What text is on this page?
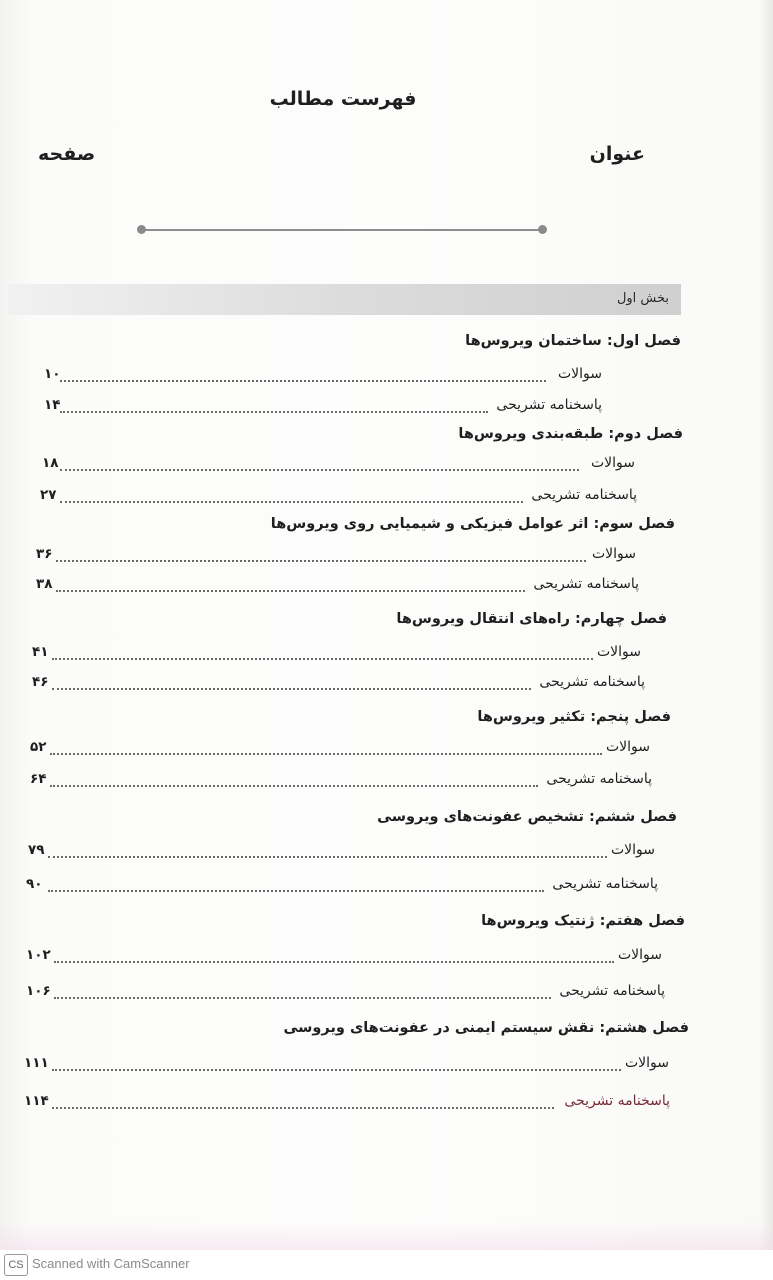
فهرست مطالب
عنوان
صفحه
بخش اول
فصل اول: ساختمان ویروس‌ها
۱۰	سوالات
۱۴	پاسخنامه تشریحی
فصل دوم: طبقه‌بندی ویروس‌ها
۱۸	سوالات
۲۷	پاسخنامه تشریحی
فصل سوم: اثر عوامل فیزیکی و شیمیایی روی ویروس‌ها
۳۶	سوالات
۳۸	پاسخنامه تشریحی
فصل چهارم: راه‌های انتقال ویروس‌ها
۴۱	سوالات
۴۶	پاسخنامه تشریحی
فصل پنجم: تکثیر ویروس‌ها
۵۲	سوالات
۶۴	پاسخنامه تشریحی
فصل ششم: تشخیص عفونت‌های ویروسی
۷۹	سوالات
۹۰	پاسخنامه تشریحی
فصل هفتم: ژنتیک ویروس‌ها
۱۰۲	سوالات
۱۰۶	پاسخنامه تشریحی
فصل هشتم: نقش سیستم ایمنی در عفونت‌های ویروسی
۱۱۱	سوالات
۱۱۴	پاسخنامه تشریحی
CS Scanned with CamScanner
